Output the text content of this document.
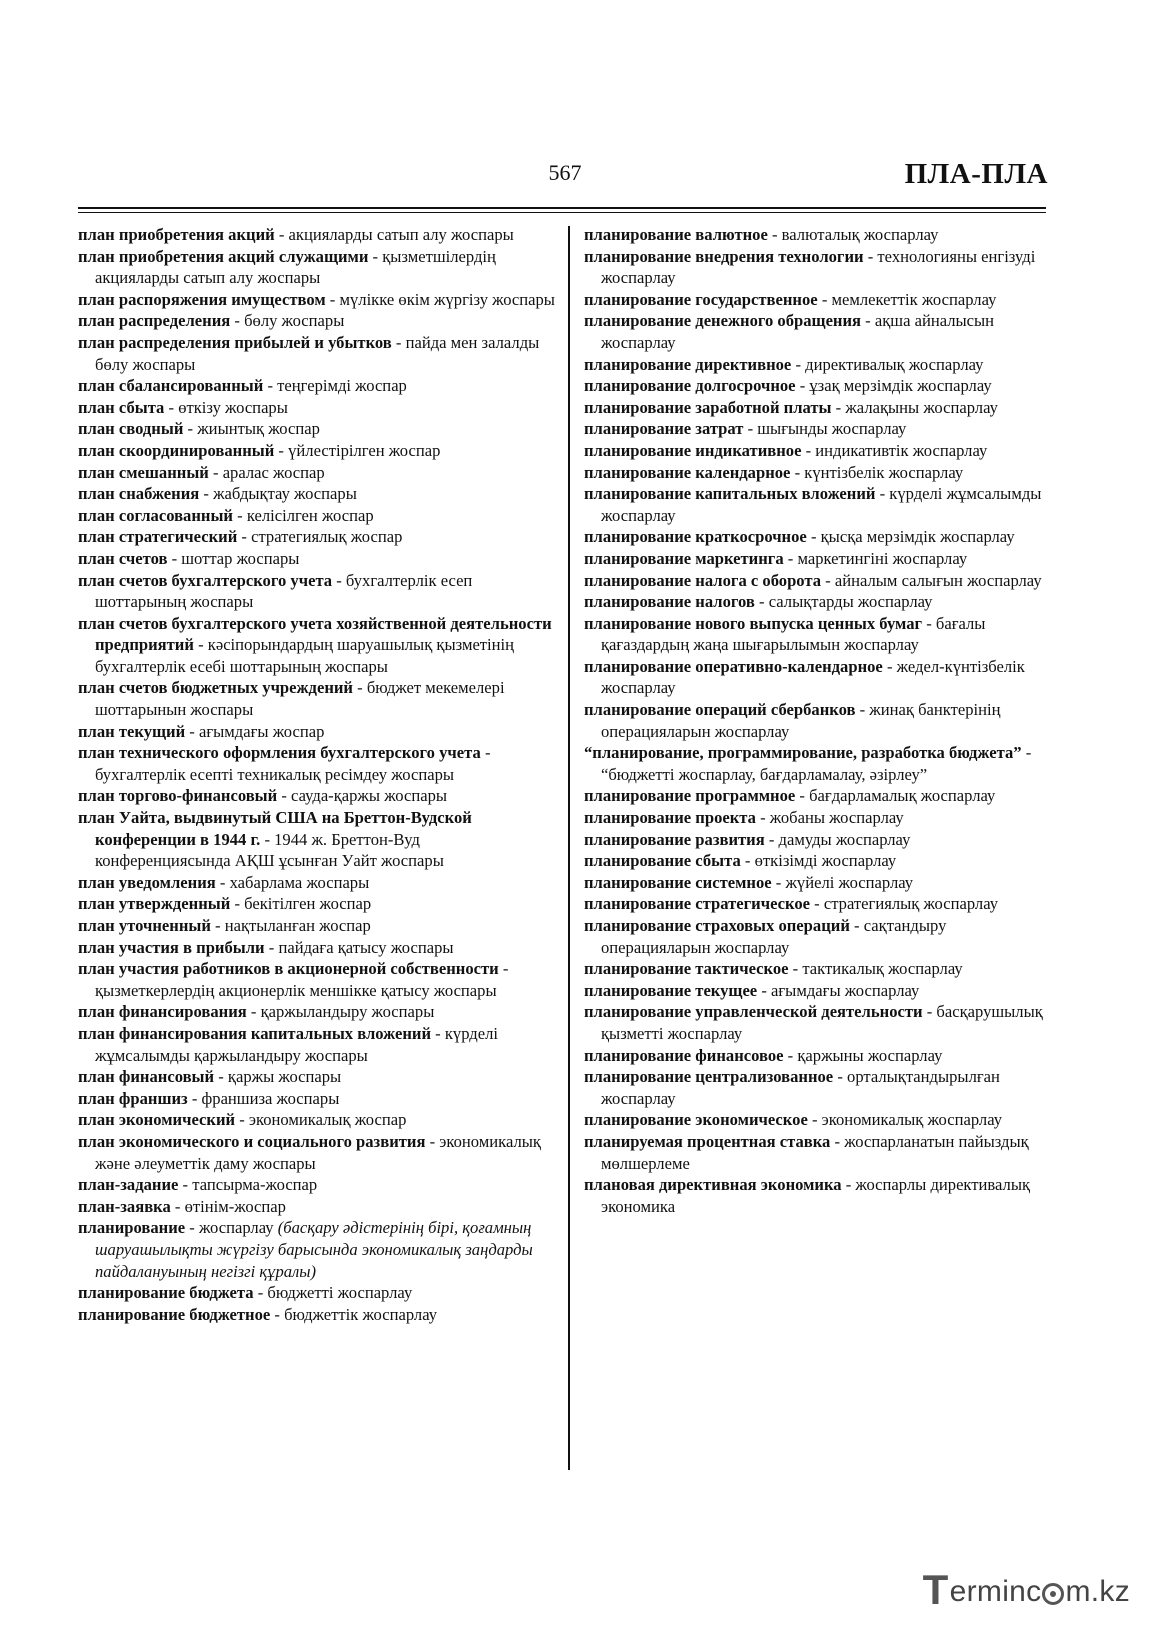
567	ПЛА-ПЛА

план приобретения акций - акцияларды сатып алу жоспары

план приобретения акций служащими - қызметшілердің акцияларды сатып алу жоспары

план распоряжения имуществом - мүлікке өкім жүргізу жоспары

план распределения - бөлу жоспары

план распределения прибылей и убытков - пайда мен залалды бөлу жоспары

план сбалансированный - теңгерімді жоспар

план сбыта - өткізу жоспары

план сводный - жиынтық жоспар

план скоординированный - үйлестірілген жоспар

план смешанный - аралас жоспар

план снабжения - жабдықтау жоспары

план согласованный - келісілген жоспар

план стратегический - стратегиялық жоспар

план счетов - шоттар жоспары

план счетов бухгалтерского учета - бухгалтерлік есеп шоттарының жоспары

план счетов бухгалтерского учета хозяйственной деятельности предприятий - кәсіпорындардың шаруашылық қызметінің бухгалтерлік есебі шоттарының жоспары

план счетов бюджетных учреждений - бюджет мекемелері шоттарынын жоспары

план текущий - ағымдағы жоспар

план технического оформления бухгалтерского учета - бухгалтерлік есепті техникалық ресімдеу жоспары

план торгово-финансовый - сауда-қаржы жоспары

план Уайта, выдвинутый США на Бреттон-Вудской конференции в 1944 г. - 1944 ж. Бреттон-Вуд конференциясында АҚШ ұсынған Уайт жоспары

план уведомления - хабарлама жоспары

план утвержденный - бекітілген жоспар

план уточненный - нақтыланған жоспар

план участия в прибыли - пайдаға қатысу жоспары

план участия работников в акционерной собственности - қызметкерлердің акционерлік меншікке қатысу жоспары

план финансирования - қаржыландыру жоспары

план финансирования капитальных вложений - күрделі жұмсалымды қаржыландыру жоспары

план финансовый - қаржы жоспары

план франшиз - франшиза жоспары

план экономический - экономикалық жоспар

план экономического и социального развития - экономикалық және әлеуметтік даму жоспары

план-задание - тапсырма-жоспар

план-заявка - өтінім-жоспар

планирование - жоспарлау (басқару әдістерінің бірі, қоғамның шаруашылықты жүргізу барысында экономикалық заңдарды пайдалануының негізгі құралы)

планирование бюджета - бюджетті жоспарлау

планирование бюджетное - бюджеттік жоспарлау

планирование валютное - валюталық жоспарлау

планирование внедрения технологии - технологияны енгізуді жоспарлау

планирование государственное - мемлекеттік жоспарлау

планирование денежного обращения - ақша айналысын жоспарлау

планирование директивное - директивалық жоспарлау

планирование долгосрочное - ұзақ мерзімдік жоспарлау

планирование заработной платы - жалақыны жоспарлау

планирование затрат - шығынды жоспарлау

планирование индикативное - индикативтік жоспарлау

планирование календарное - күнтізбелік жоспарлау

планирование капитальных вложений - күрделі жұмсалымды жоспарлау

планирование краткосрочное - қысқа мерзімдік жоспарлау

планирование маркетинга - маркетингіні жоспарлау

планирование налога с оборота - айналым салығын жоспарлау

планирование налогов - салықтарды жоспарлау

планирование нового выпуска ценных бумаг - бағалы қағаздардың жаңа шығарылымын жоспарлау

планирование оперативно-календарное - жедел-күнтізбелік жоспарлау

планирование операций сбербанков - жинақ банктерінің операцияларын жоспарлау

“планирование, программирование, разработка бюджета” - “бюджетті жоспарлау, бағдарламалау, әзірлеу”

планирование программное - бағдарламалық жоспарлау

планирование проекта - жобаны жоспарлау

планирование развития - дамуды жоспарлау

планирование сбыта - өткізімді жоспарлау

планирование системное - жүйелі жоспарлау

планирование стратегическое - стратегиялық жоспарлау

планирование страховых операций - сақтандыру операцияларын жоспарлау

планирование тактическое - тактикалық жоспарлау

планирование текущее - ағымдағы жоспарлау

планирование управленческой деятельности - басқарушылық қызметті жоспарлау

планирование финансовое - қаржыны жоспарлау

планирование централизованное - орталықтандырылған жоспарлау

планирование экономическое - экономикалық жоспарлау

планируемая процентная ставка - жоспарланатын пайыздық мөлшерлеме

плановая директивная экономика - жоспарлы директивалық экономика

T erminc m.kz
